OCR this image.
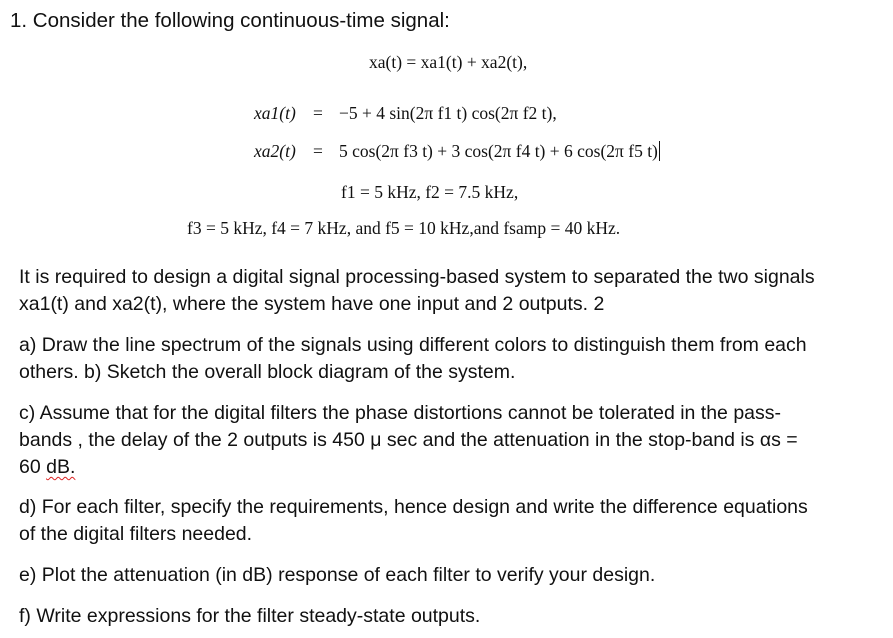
1. Consider the following continuous-time signal:
xa(t) = xa1(t) + xa2(t),
xa1(t) = −5 + 4 sin(2π f1 t) cos(2π f2 t),
xa2(t) = 5 cos(2π f3 t) + 3 cos(2π f4 t) + 6 cos(2π f5 t)
f1 = 5 kHz, f2 = 7.5 kHz,
f3 = 5 kHz, f4 = 7 kHz, and f5 = 10 kHz,and fsamp = 40 kHz.
It is required to design a digital signal processing-based system to separated the two signals
xa1(t) and xa2(t), where the system have one input and 2 outputs. 2
a) Draw the line spectrum of the signals using different colors to distinguish them from each
others. b) Sketch the overall block diagram of the system.
c) Assume that for the digital filters the phase distortions cannot be tolerated in the pass-
bands , the delay of the 2 outputs is 450 μ sec and the attenuation in the stop-band is αs =
60 dB.
d) For each filter, specify the requirements, hence design and write the difference equations
of the digital filters needed.
e) Plot the attenuation (in dB) response of each filter to verify your design.
f) Write expressions for the filter steady-state outputs.
